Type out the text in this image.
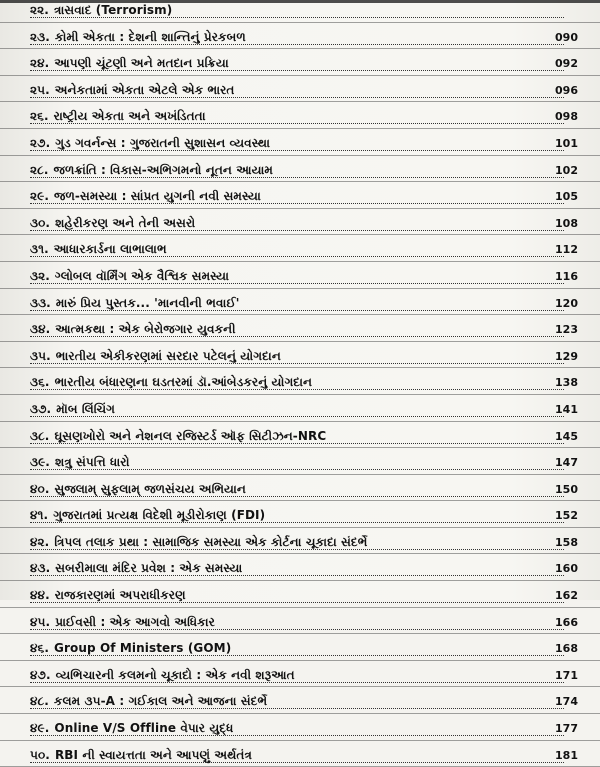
૨૨. ત્રાસવાદ (Terrorism)
૨૩. કોમી એકતા : દેશની શાન્તિનું પ્રેરકબળ	090
૨૪. આપણી ચૂંટણી અને મતદાન પ્રક્રિયા	092
૨૫. અનેકતામાં એકતા એટલે એક ભારત	096
૨૬. રાષ્ટ્રીય એકતા અને અખંડિતતા	098
૨૭. ગુડ ગવર્નન્સ : ગુજરાતની સુશાસન વ્યવસ્થા	101
૨૮. જળક્રાંતિ : વિકાસ-અભિગમનો નૂતન આયામ	102
૨૯. જળ-સમસ્યા : સાંપ્રત યુગની નવી સમસ્યા	105
૩૦. શહેરીકરણ અને તેની અસરો	108
૩૧. આધારકાર્ડના લાભાલાભ	112
૩૨. ગ્લોબલ વૉર્મિંગ એક વૈશ્વિક સમસ્યા	116
૩૩. મારું પ્રિય પુસ્તક... 'માનવીની ભવાઈ'	120
૩૪. આત્મકથા : એક બેરોજગાર યુવકની	123
૩૫. ભારતીય એકીકરણમાં સરદાર પટેલનું યોગદાન	129
૩૬. ભારતીય બંધારણના ઘડતરમાં ડૉ.આંબેડકરનું યોગદાન	138
૩૭. મૉબ લિંચિંગ	141
૩૮. ઘૂસણખોરો અને નેશનલ રજિસ્ટર્ડ ઑફ સિટીઝન-NRC	145
૩૯. શત્રુ સંપત્તિ ધારો	147
૪૦. સુજલામ્ સુફલામ્ જળસંચય અભિયાન	150
૪૧. ગુજરાતમાં પ્રત્યક્ષ વિદેશી મૂડીરોકાણ (FDI)	152
૪૨. ત્રિપલ તલાક પ્રથા : સામાજિક સમસ્યા એક કોર્ટના ચૂકાદા સંદર્ભે	158
૪૩. સબરીમાલા મંદિર પ્રવેશ : એક સમસ્યા	160
૪૪. રાજકારણમાં અપરાધીકરણ	162
૪૫. પ્રાઈવસી : એક આગવો અધિકાર	166
૪૬. Group Of Ministers (GOM)	168
૪૭. વ્યભિચારની કલમનો ચૂકાદો : એક નવી શરૂઆત	171
૪૮. કલમ ૩૫-A : ગઈકાલ અને આજના સંદર્ભે	174
૪૯. Online V/S Offline વેપાર યુદ્ધ	177
૫૦. RBI ની સ્વાયત્તતા અને આપણું અર્થતંત્ર	181
